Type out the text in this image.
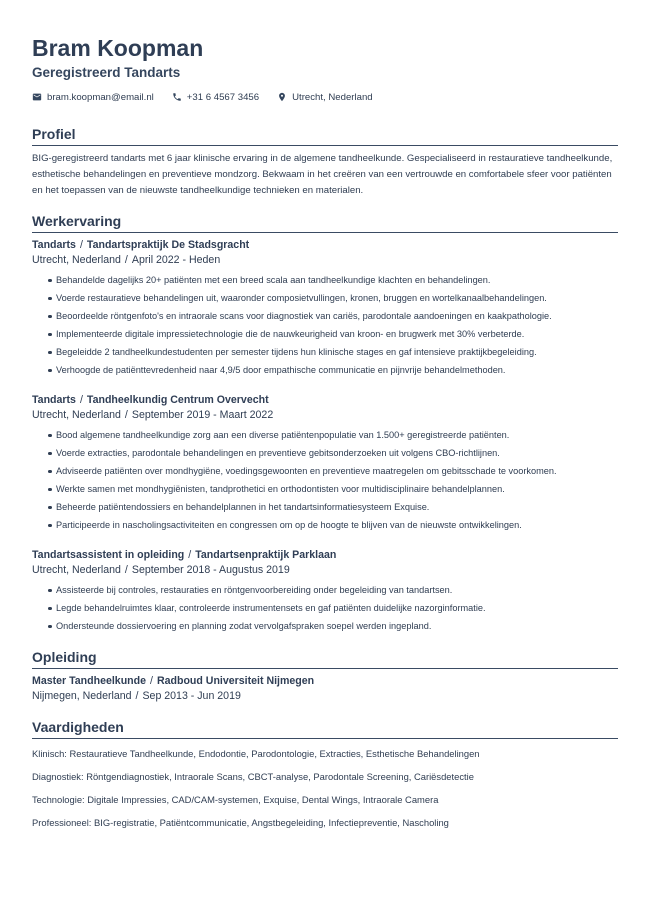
Bram Koopman
Geregistreerd Tandarts
bram.koopman@email.nl	+31 6 4567 3456	Utrecht, Nederland
Profiel
BIG-geregistreerd tandarts met 6 jaar klinische ervaring in de algemene tandheelkunde. Gespecialiseerd in restauratieve tandheelkunde, esthetische behandelingen en preventieve mondzorg. Bekwaam in het creëren van een vertrouwde en comfortabele sfeer voor patiënten en het toepassen van de nieuwste tandheelkundige technieken en materialen.
Werkervaring
Tandarts / Tandartspraktijk De Stadsgracht
Utrecht, Nederland / April 2022 - Heden
Behandelde dagelijks 20+ patiënten met een breed scala aan tandheelkundige klachten en behandelingen.
Voerde restauratieve behandelingen uit, waaronder composietvullingen, kronen, bruggen en wortelkanaalbehandelingen.
Beoordeelde röntgenfoto's en intraorale scans voor diagnostiek van cariës, parodontale aandoeningen en kaakpathologie.
Implementeerde digitale impressietechnologie die de nauwkeurigheid van kroon- en brugwerk met 30% verbeterde.
Begeleidde 2 tandheelkundestudenten per semester tijdens hun klinische stages en gaf intensieve praktijkbegeleiding.
Verhoogde de patiënttevredenheid naar 4,9/5 door empathische communicatie en pijnvrije behandelmethoden.
Tandarts / Tandheelkundig Centrum Overvecht
Utrecht, Nederland / September 2019 - Maart 2022
Bood algemene tandheelkundige zorg aan een diverse patiëntenpopulatie van 1.500+ geregistreerde patiënten.
Voerde extracties, parodontale behandelingen en preventieve gebitsonderzoeken uit volgens CBO-richtlijnen.
Adviseerde patiënten over mondhygiëne, voedingsgewoonten en preventieve maatregelen om gebitsschade te voorkomen.
Werkte samen met mondhygiënisten, tandprothetici en orthodontisten voor multidisciplinaire behandelplannen.
Beheerde patiëntendossiers en behandelplannen in het tandartsinformatiesysteem Exquise.
Participeerde in nascholingsactiviteiten en congressen om op de hoogte te blijven van de nieuwste ontwikkelingen.
Tandartsassistent in opleiding / Tandartsenpraktijk Parklaan
Utrecht, Nederland / September 2018 - Augustus 2019
Assisteerde bij controles, restauraties en röntgenvoorbereiding onder begeleiding van tandartsen.
Legde behandelruimtes klaar, controleerde instrumentensets en gaf patiënten duidelijke nazorginformatie.
Ondersteunde dossiervoering en planning zodat vervolgafspraken soepel werden ingepland.
Opleiding
Master Tandheelkunde / Radboud Universiteit Nijmegen
Nijmegen, Nederland / Sep 2013 - Jun 2019
Vaardigheden
Klinisch: Restauratieve Tandheelkunde, Endodontie, Parodontologie, Extracties, Esthetische Behandelingen
Diagnostiek: Röntgendiagnostiek, Intraorale Scans, CBCT-analyse, Parodontale Screening, Cariësdetectie
Technologie: Digitale Impressies, CAD/CAM-systemen, Exquise, Dental Wings, Intraorale Camera
Professioneel: BIG-registratie, Patiëntcommunicatie, Angstbegeleiding, Infectiepreventie, Nascholing
